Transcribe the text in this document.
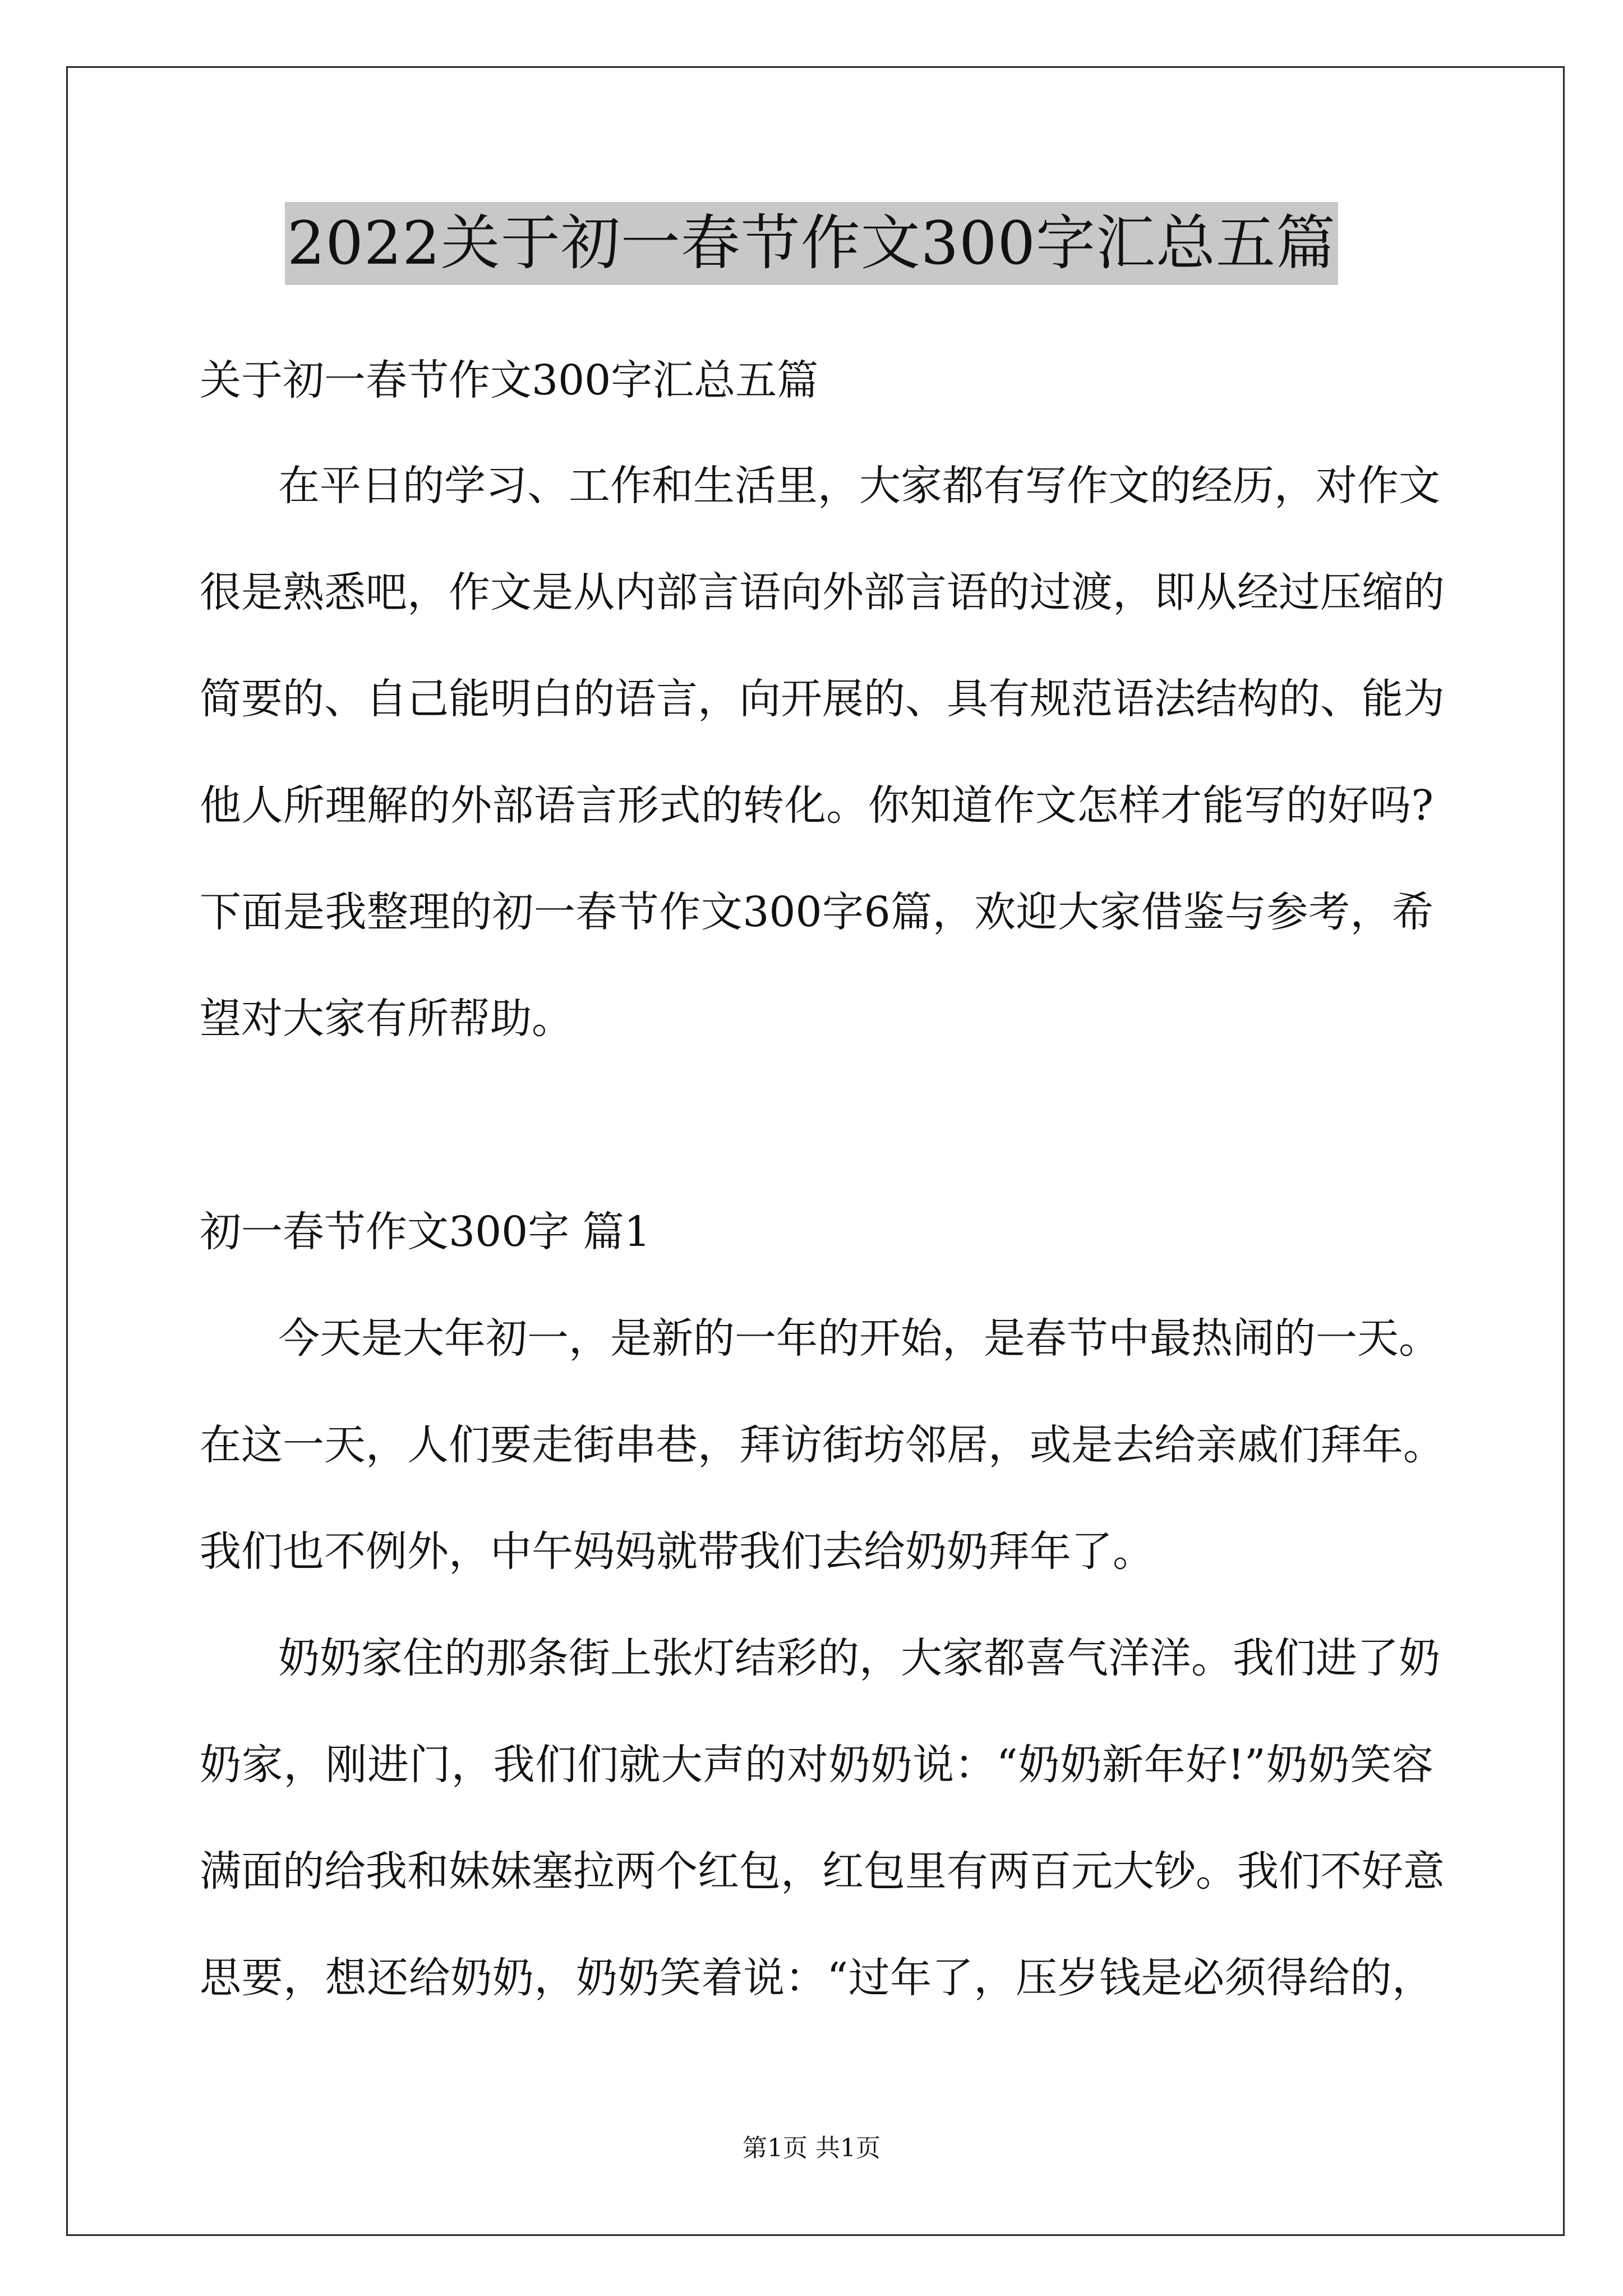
2022关于初一春节作文300字汇总五篇
关于初一春节作文300字汇总五篇
在平日的学习、工作和生活里，大家都有写作文的经历，对作文
很是熟悉吧，作文是从内部言语向外部言语的过渡，即从经过压缩的
简要的、自己能明白的语言，向开展的、具有规范语法结构的、能为
他人所理解的外部语言形式的转化。你知道作文怎样才能写的好吗?
下面是我整理的初一春节作文300字6篇，欢迎大家借鉴与参考，希
望对大家有所帮助。
初一春节作文300字 篇1
今天是大年初一，是新的一年的开始，是春节中最热闹的一天。
在这一天，人们要走街串巷，拜访街坊邻居，或是去给亲戚们拜年。
我们也不例外，中午妈妈就带我们去给奶奶拜年了。
奶奶家住的那条街上张灯结彩的，大家都喜气洋洋。我们进了奶
奶家，刚进门，我们们就大声的对奶奶说：“奶奶新年好!”奶奶笑容
满面的给我和妹妹塞拉两个红包，红包里有两百元大钞。我们不好意
思要，想还给奶奶，奶奶笑着说：“过年了，压岁钱是必须得给的，
第1页 共1页
